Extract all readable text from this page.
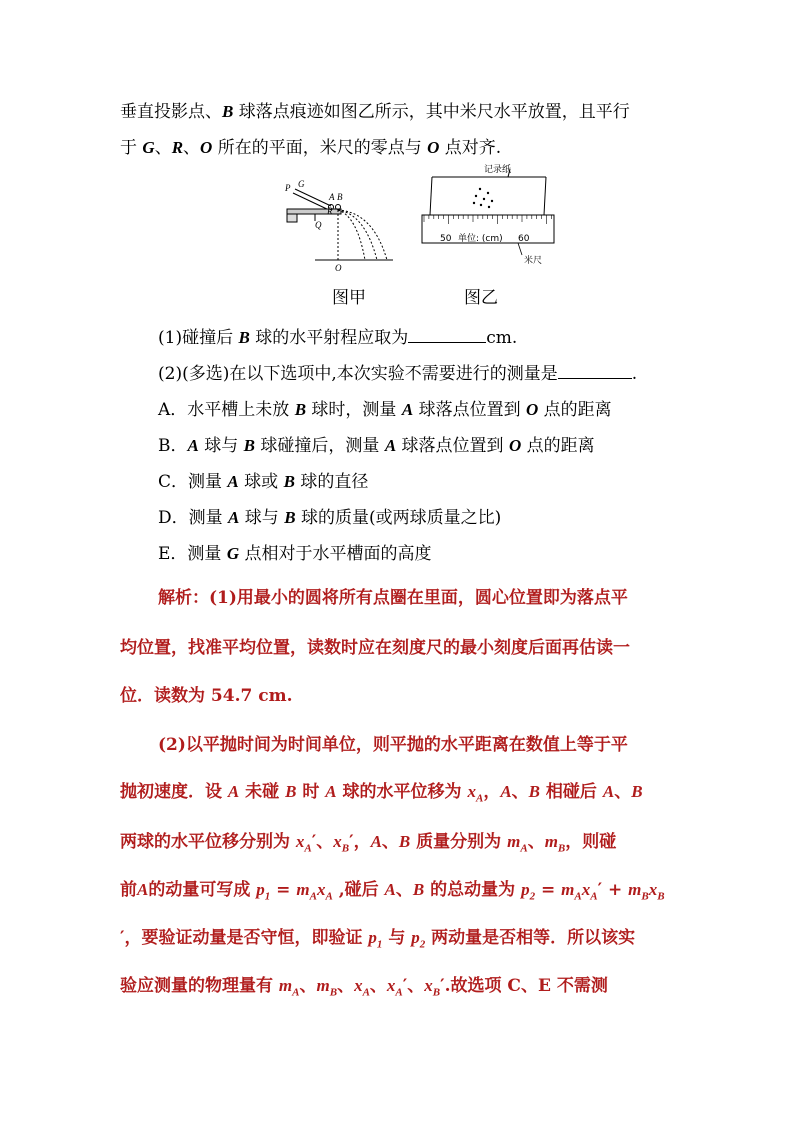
垂直投影点、B 球落点痕迹如图乙所示，其中米尺水平放置，且平行
于 G、R、O 所在的平面，米尺的零点与 O 点对齐.
P G
A B
R
Q
O
图甲
记录纸
50 单位: (cm) 60
米尺
图乙
(1)碰撞后 B 球的水平射程应取为	cm.
(2)(多选)在以下选项中,本次实验不需要进行的测量是	.
A．水平槽上未放 B 球时，测量 A 球落点位置到 O 点的距离
B．A 球与 B 球碰撞后，测量 A 球落点位置到 O 点的距离
C．测量 A 球或 B 球的直径
D．测量 A 球与 B 球的质量(或两球质量之比)
E．测量 G 点相对于水平槽面的高度
解析：(1)用最小的圆将所有点圈在里面，圆心位置即为落点平
均位置，找准平均位置，读数时应在刻度尺的最小刻度后面再估读一
位．读数为 54.7 cm.
(2)以平抛时间为时间单位，则平抛的水平距离在数值上等于平
抛初速度．设 A 未碰 B 时 A 球的水平位移为 $x_A$，A、B 相碰后 A、B
两球的水平位移分别为 $x_A'$、$x_B'$，A、B 质量分别为 $m_A$、$m_B$，则碰
前A的动量可写成 $p_1 = m_Ax_A$ ,碰后 A、B 的总动量为 $p_2 = m_Ax_A' + m_Bx_B$
′，要验证动量是否守恒，即验证 $p_1$ 与 $p_2$ 两动量是否相等．所以该实
验应测量的物理量有 $m_A$、$m_B$、$x_A$、$x_A'$、$x_B'$.故选项 C、E 不需测
